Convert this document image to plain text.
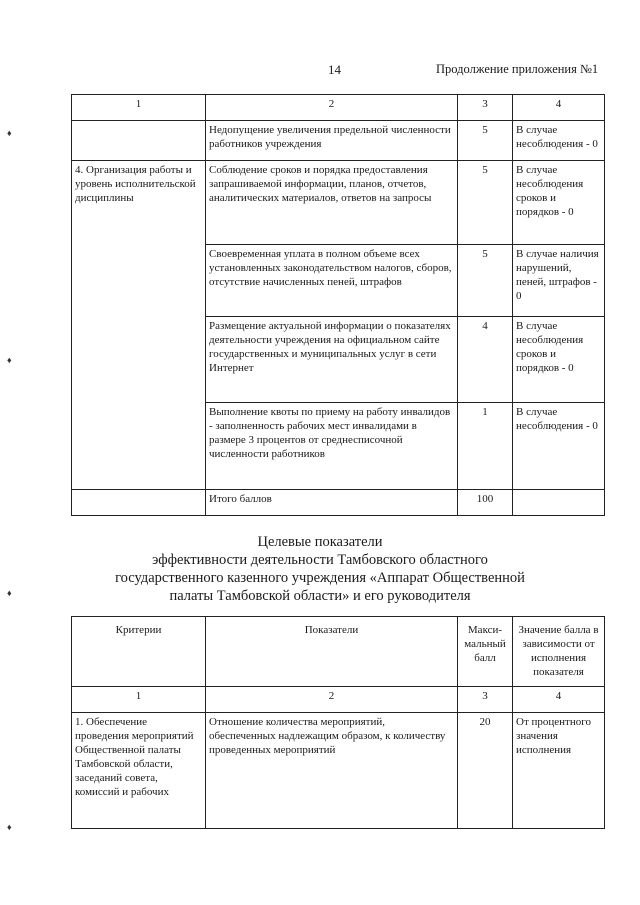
14	Продолжение приложения №1
♦
♦
♦
♦
1	2	3	4
	Недопущение увеличения предельной численности работников учреждения	5	В случае несоблюдения - 0
4. Организация работы и уровень исполнительской дисциплины	Соблюдение сроков и порядка предоставления запрашиваемой информации, планов, отчетов, аналитических материалов, ответов на запросы	5	В случае несоблюдения сроков и порядков - 0
	Своевременная уплата в полном объеме всех установленных законодательством налогов, сборов, отсутствие начисленных пеней, штрафов	5	В случае наличия нарушений, пеней, штрафов - 0
	Размещение актуальной информации о показателях деятельности учреждения на официальном сайте государственных и муниципальных услуг в сети Интернет	4	В случае несоблюдения сроков и порядков - 0
	Выполнение квоты по приему на работу инвалидов - заполненность рабочих мест инвалидами в размере 3 процентов от среднесписочной численности работников	1	В случае несоблюдения - 0
	Итого баллов	100	
Целевые показатели
эффективности деятельности Тамбовского областного
государственного казенного учреждения «Аппарат Общественной
палаты Тамбовской области» и его руководителя
Критерии	Показатели	Макси-мальный балл	Значение балла в зависимости от исполнения показателя
1	2	3	4
1. Обеспечение проведения мероприятий Общественной палаты Тамбовской области, заседаний совета, комиссий и рабочих	Отношение количества мероприятий, обеспеченных надлежащим образом, к количеству проведенных мероприятий	20	От процентного значения исполнения
